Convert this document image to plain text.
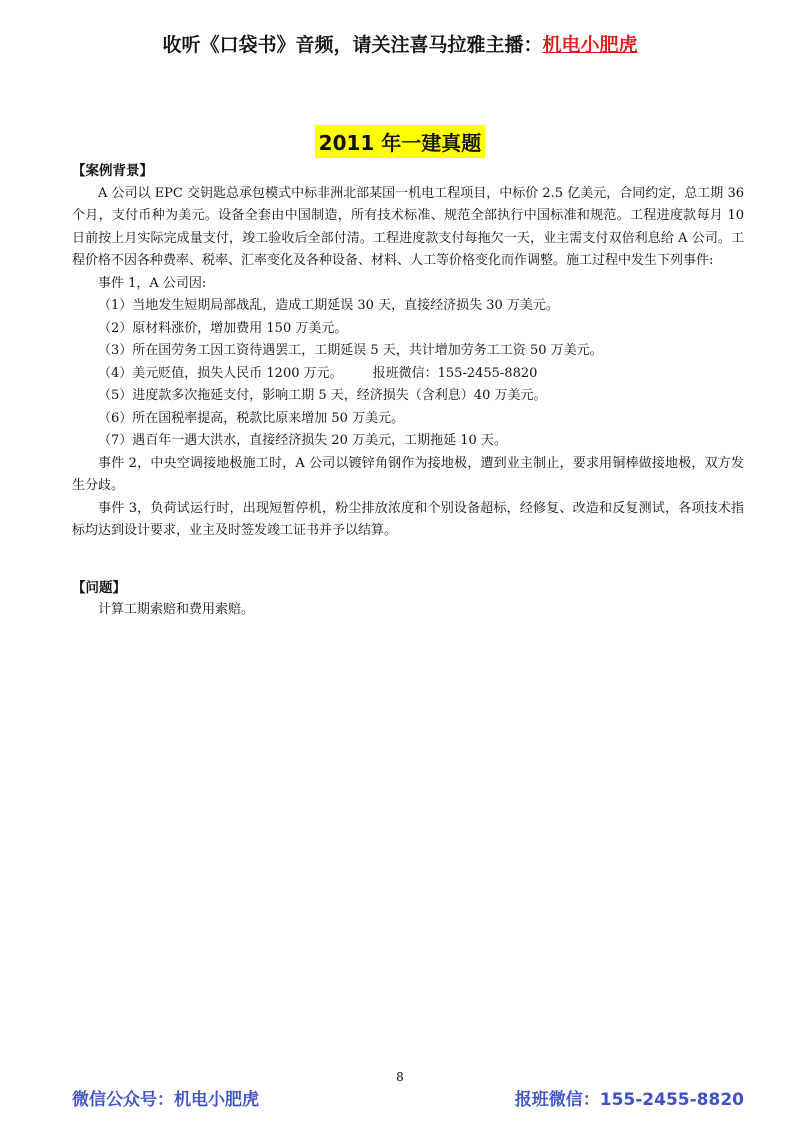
收听《口袋书》音频，请关注喜马拉雅主播：机电小肥虎
2011 年一建真题
【案例背景】

A 公司以 EPC 交钥匙总承包模式中标非洲北部某国一机电工程项目，中标价 2.5 亿美元，合同约定，总工期 36 个月，支付币种为美元。设备全套由中国制造，所有技术标准、规范全部执行中国标准和规范。工程进度款每月 10 日前按上月实际完成量支付，竣工验收后全部付清。工程进度款支付每拖欠一天，业主需支付双倍利息给 A 公司。工程价格不因各种费率、税率、汇率变化及各种设备、材料、人工等价格变化而作调整。施工过程中发生下列事件:

事件 1，A 公司因:

（1）当地发生短期局部战乱，造成工期延误 30 天，直接经济损失 30 万美元。
（2）原材料涨价，增加费用 150 万美元。
（3）所在国劳务工因工资待遇罢工，工期延误 5 天，共计增加劳务工工资 50 万美元。
（4）美元贬值，损失人民币 1200 万元。 报班微信：155-2455-8820
（5）进度款多次拖延支付，影响工期 5 天，经济损失（含利息）40 万美元。
（6）所在国税率提高，税款比原来增加 50 万美元。
（7）遇百年一遇大洪水，直接经济损失 20 万美元，工期拖延 10 天。

事件 2，中央空调接地极施工时，A 公司以镀锌角钢作为接地极，遭到业主制止，要求用铜棒做接地极，双方发生分歧。

事件 3，负荷试运行时，出现短暂停机，粉尘排放浓度和个别设备超标，经修复、改造和反复测试，各项技术指标均达到设计要求，业主及时签发竣工证书并予以结算。

【问题】

计算工期索赔和费用索赔。

8
微信公众号：机电小肥虎	报班微信：155-2455-8820
